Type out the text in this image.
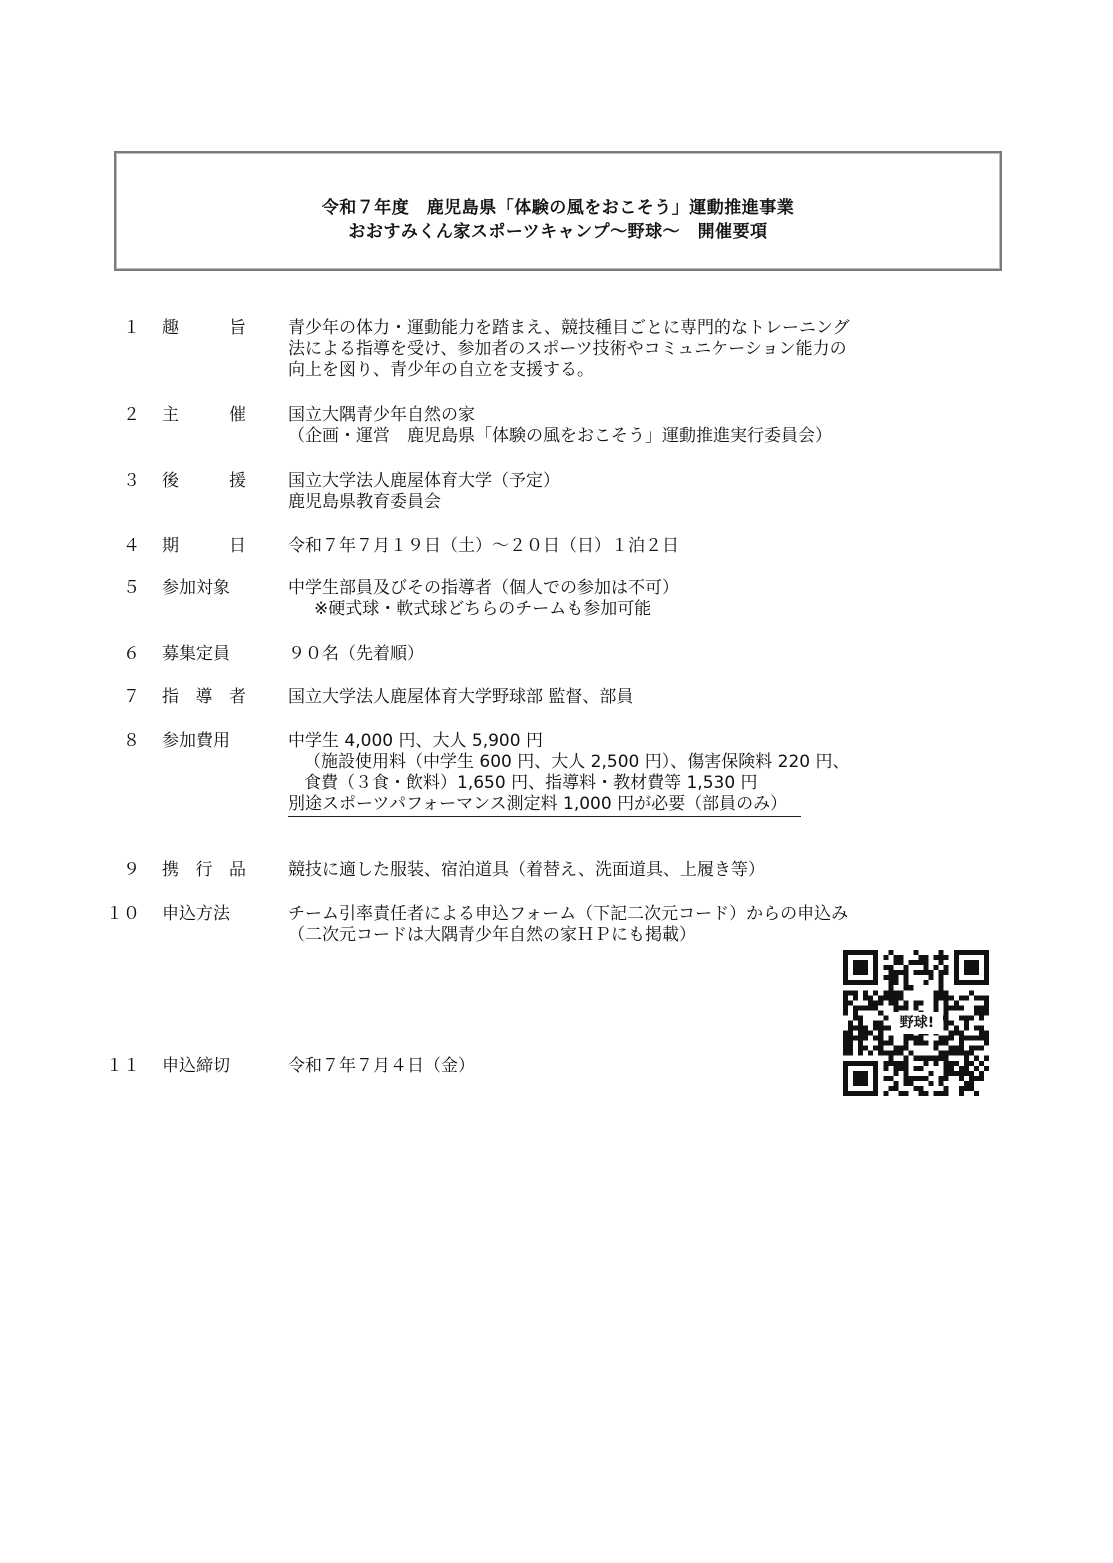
令和７年度　鹿児島県「体験の風をおこそう」運動推進事業
おおすみくん家スポーツキャンプ～野球～　開催要項
１ 趣旨 青少年の体力・運動能力を踏まえ、競技種目ごとに専門的なトレーニング
法による指導を受け、参加者のスポーツ技術やコミュニケーション能力の
向上を図り、青少年の自立を支援する。
２ 主催 国立大隅青少年自然の家
（企画・運営　鹿児島県「体験の風をおこそう」運動推進実行委員会）
３ 後援 国立大学法人鹿屋体育大学（予定）
鹿児島県教育委員会
４ 期日 令和７年７月１９日（土）～２０日（日）１泊２日
５ 参加対象	中学生部員及びその指導者（個人での参加は不可）
※硬式球・軟式球どちらのチームも参加可能
６ 募集定員	９０名（先着順）
７ 指導者 国立大学法人鹿屋体育大学野球部 監督、部員
８ 参加費用	中学生 4,000 円、大人 5,900 円
（施設使用料（中学生 600 円、大人 2,500 円）、傷害保険料 220 円、
食費（３食・飲料）1,650 円、指導料・教材費等 1,530 円
別途スポーツパフォーマンス測定料 1,000 円が必要（部員のみ）
９ 携行品 競技に適した服装、宿泊道具（着替え、洗面道具、上履き等）
１０ 申込方法	チーム引率責任者による申込フォーム（下記二次元コード）からの申込み
（二次元コードは大隅青少年自然の家ＨＰにも掲載）
１１ 申込締切	令和７年７月４日（金）
野球!
